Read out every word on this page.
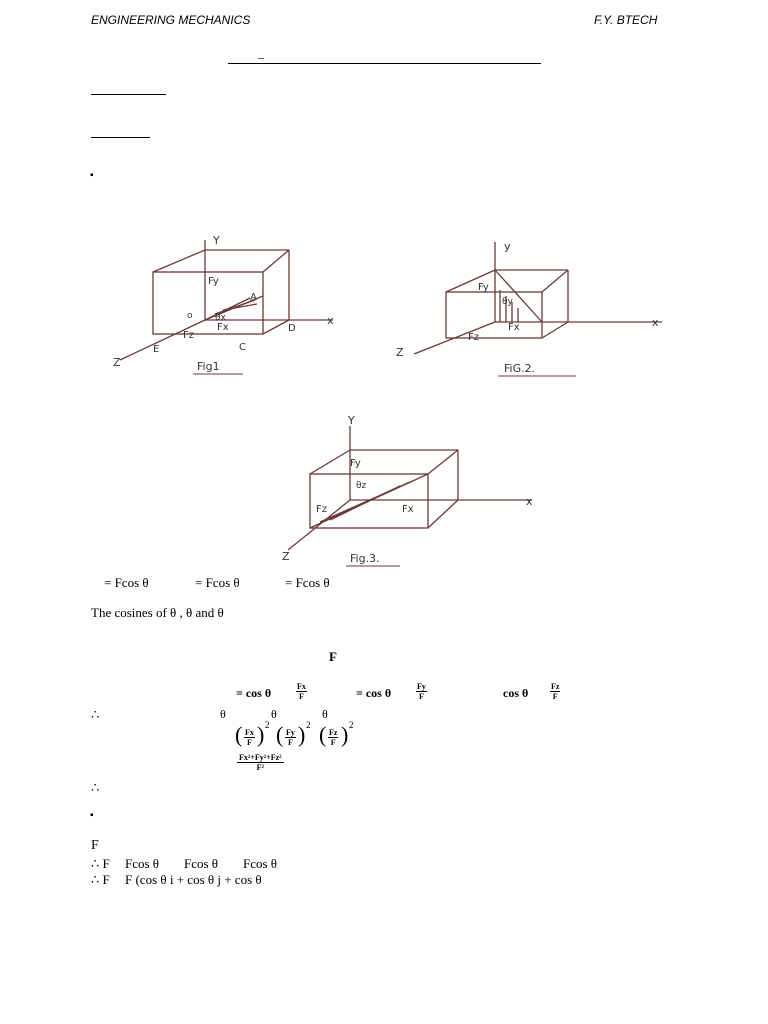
ENGINEERING MECHANICS	F.Y. BTECH
_
▪
Y
Fy
A
o θx
Fz
Fx	D
E	C
Z
x
Fig1
y
Fy
θy
Fx
Fz
Z
x
FiG.2.
Y
Fy
θz
Fz	Fx
Z
x
Fig.3.
= Fcos θ	= Fcos θ	= Fcos θ
The cosines of θ , θ and θ
F
= cos θ	$\frac{Fx}{F}$	= cos θ	$\frac{Fy}{F}$	cos θ	$\frac{Fz}{F}$
∴	θ	θ	θ
( $\frac{Fx}{F}$ ) 2 ( $\frac{Fy}{F}$ ) 2 ( $\frac{Fz}{F}$ ) 2
$\frac{\text{Fx²+Fy²+Fz²}}{\text{F²}}$
∴
▪
F
∴ F Fcos θ Fcos θ Fcos θ
∴ F F (cos θ i + cos θ j + cos θ
